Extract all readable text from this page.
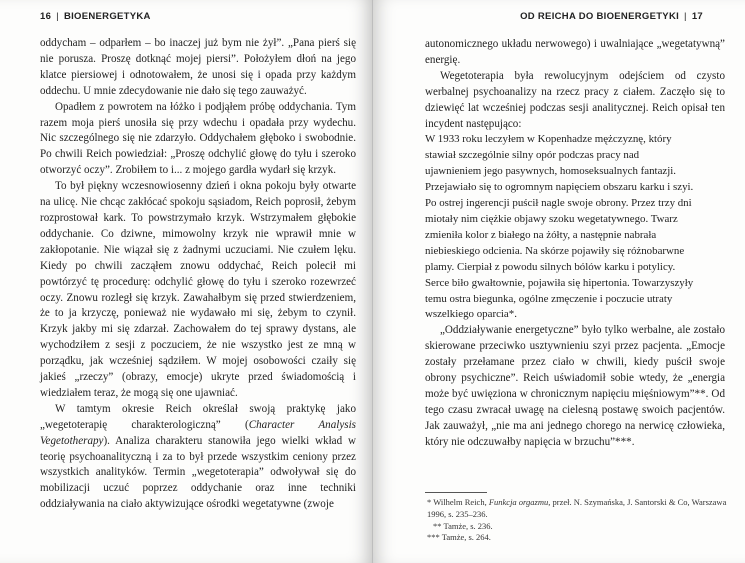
16 | BIOENERGETYKA

oddycham – odparłem – bo inaczej już bym nie żył”. „Pana pierś się nie porusza. Proszę dotknąć mojej piersi”. Położyłem dłoń na jego klatce piersiowej i odnotowałem, że unosi się i opada przy każdym oddechu. U mnie zdecydowanie nie dało się tego zauważyć.

Opadłem z powrotem na łóżko i podjąłem próbę oddychania. Tym razem moja pierś unosiła się przy wdechu i opadała przy wydechu. Nic szczególnego się nie zdarzyło. Oddychałem głęboko i swobodnie. Po chwili Reich powiedział: „Proszę odchylić głowę do tyłu i szeroko otworzyć oczy”. Zrobiłem to i... z mojego gardła wydarł się krzyk.

To był piękny wczesnowiosenny dzień i okna pokoju były otwarte na ulicę. Nie chcąc zakłócać spokoju sąsiadom, Reich poprosił, żebym rozprostował kark. To powstrzymało krzyk. Wstrzymałem głębokie oddychanie. Co dziwne, mimowolny krzyk nie wprawił mnie w zakłopotanie. Nie wiązał się z żadnymi uczuciami. Nie czułem lęku. Kiedy po chwili zacząłem znowu oddychać, Reich polecił mi powtórzyć tę procedurę: odchylić głowę do tyłu i szeroko rozewrzeć oczy. Znowu rozległ się krzyk. Zawahałbym się przed stwierdzeniem, że to ja krzyczę, ponieważ nie wydawało mi się, żebym to czynił. Krzyk jakby mi się zdarzał. Zachowałem do tej sprawy dystans, ale wychodziłem z sesji z poczuciem, że nie wszystko jest ze mną w porządku, jak wcześniej sądziłem. W mojej osobowości czaiły się jakieś „rzeczy” (obrazy, emocje) ukryte przed świadomością i wiedziałem teraz, że mogą się one ujawniać.

W tamtym okresie Reich określał swoją praktykę jako „wegetoterapię charakterologiczną” (Character Analysis Vegetotherapy). Analiza charakteru stanowiła jego wielki wkład w teorię psychoanalityczną i za to był przede wszystkim ceniony przez wszystkich analityków. Termin „wegetoterapia” odwoływał się do mobilizacji uczuć poprzez oddychanie oraz inne techniki oddziaływania na ciało aktywizujące ośrodki wegetatywne (zwoje

OD REICHA DO BIOENERGETYKI | 17

autonomicznego układu nerwowego) i uwalniające „wegetatywną” energię.

Wegetoterapia była rewolucyjnym odejściem od czysto werbalnej psychoanalizy na rzecz pracy z ciałem. Zaczęło się to dziewięć lat wcześniej podczas sesji analitycznej. Reich opisał ten incydent następująco:

W 1933 roku leczyłem w Kopenhadze mężczyznę, który stawiał szczególnie silny opór podczas pracy nad ujawnieniem jego pasywnych, homoseksualnych fantazji. Przejawiało się to ogromnym napięciem obszaru karku i szyi. Po ostrej ingerencji puścił nagle swoje obrony. Przez trzy dni miotały nim ciężkie objawy szoku wegetatywnego. Twarz zmieniła kolor z białego na żółty, a następnie nabrała niebieskiego odcienia. Na skórze pojawiły się różnobarwne plamy. Cierpiał z powodu silnych bólów karku i potylicy. Serce biło gwałtownie, pojawiła się hipertonia. Towarzyszyły temu ostra biegunka, ogólne zmęczenie i poczucie utraty wszelkiego oparcia*.

„Oddziaływanie energetyczne” było tylko werbalne, ale zostało skierowane przeciwko usztywnieniu szyi przez pacjenta. „Emocje zostały przełamane przez ciało w chwili, kiedy puścił swoje obrony psychiczne”. Reich uświadomił sobie wtedy, że „energia może być uwięziona w chronicznym napięciu mięśniowym”**. Od tego czasu zwracał uwagę na cielesną postawę swoich pacjentów. Jak zauważył, „nie ma ani jednego chorego na nerwicę człowieka, który nie odczuwałby napięcia w brzuchu”***.

* Wilhelm Reich, Funkcja orgazmu, przeł. N. Szymańska, J. Santorski & Co, Warszawa 1996, s. 235–236.

** Tamże, s. 236.

*** Tamże, s. 264.
